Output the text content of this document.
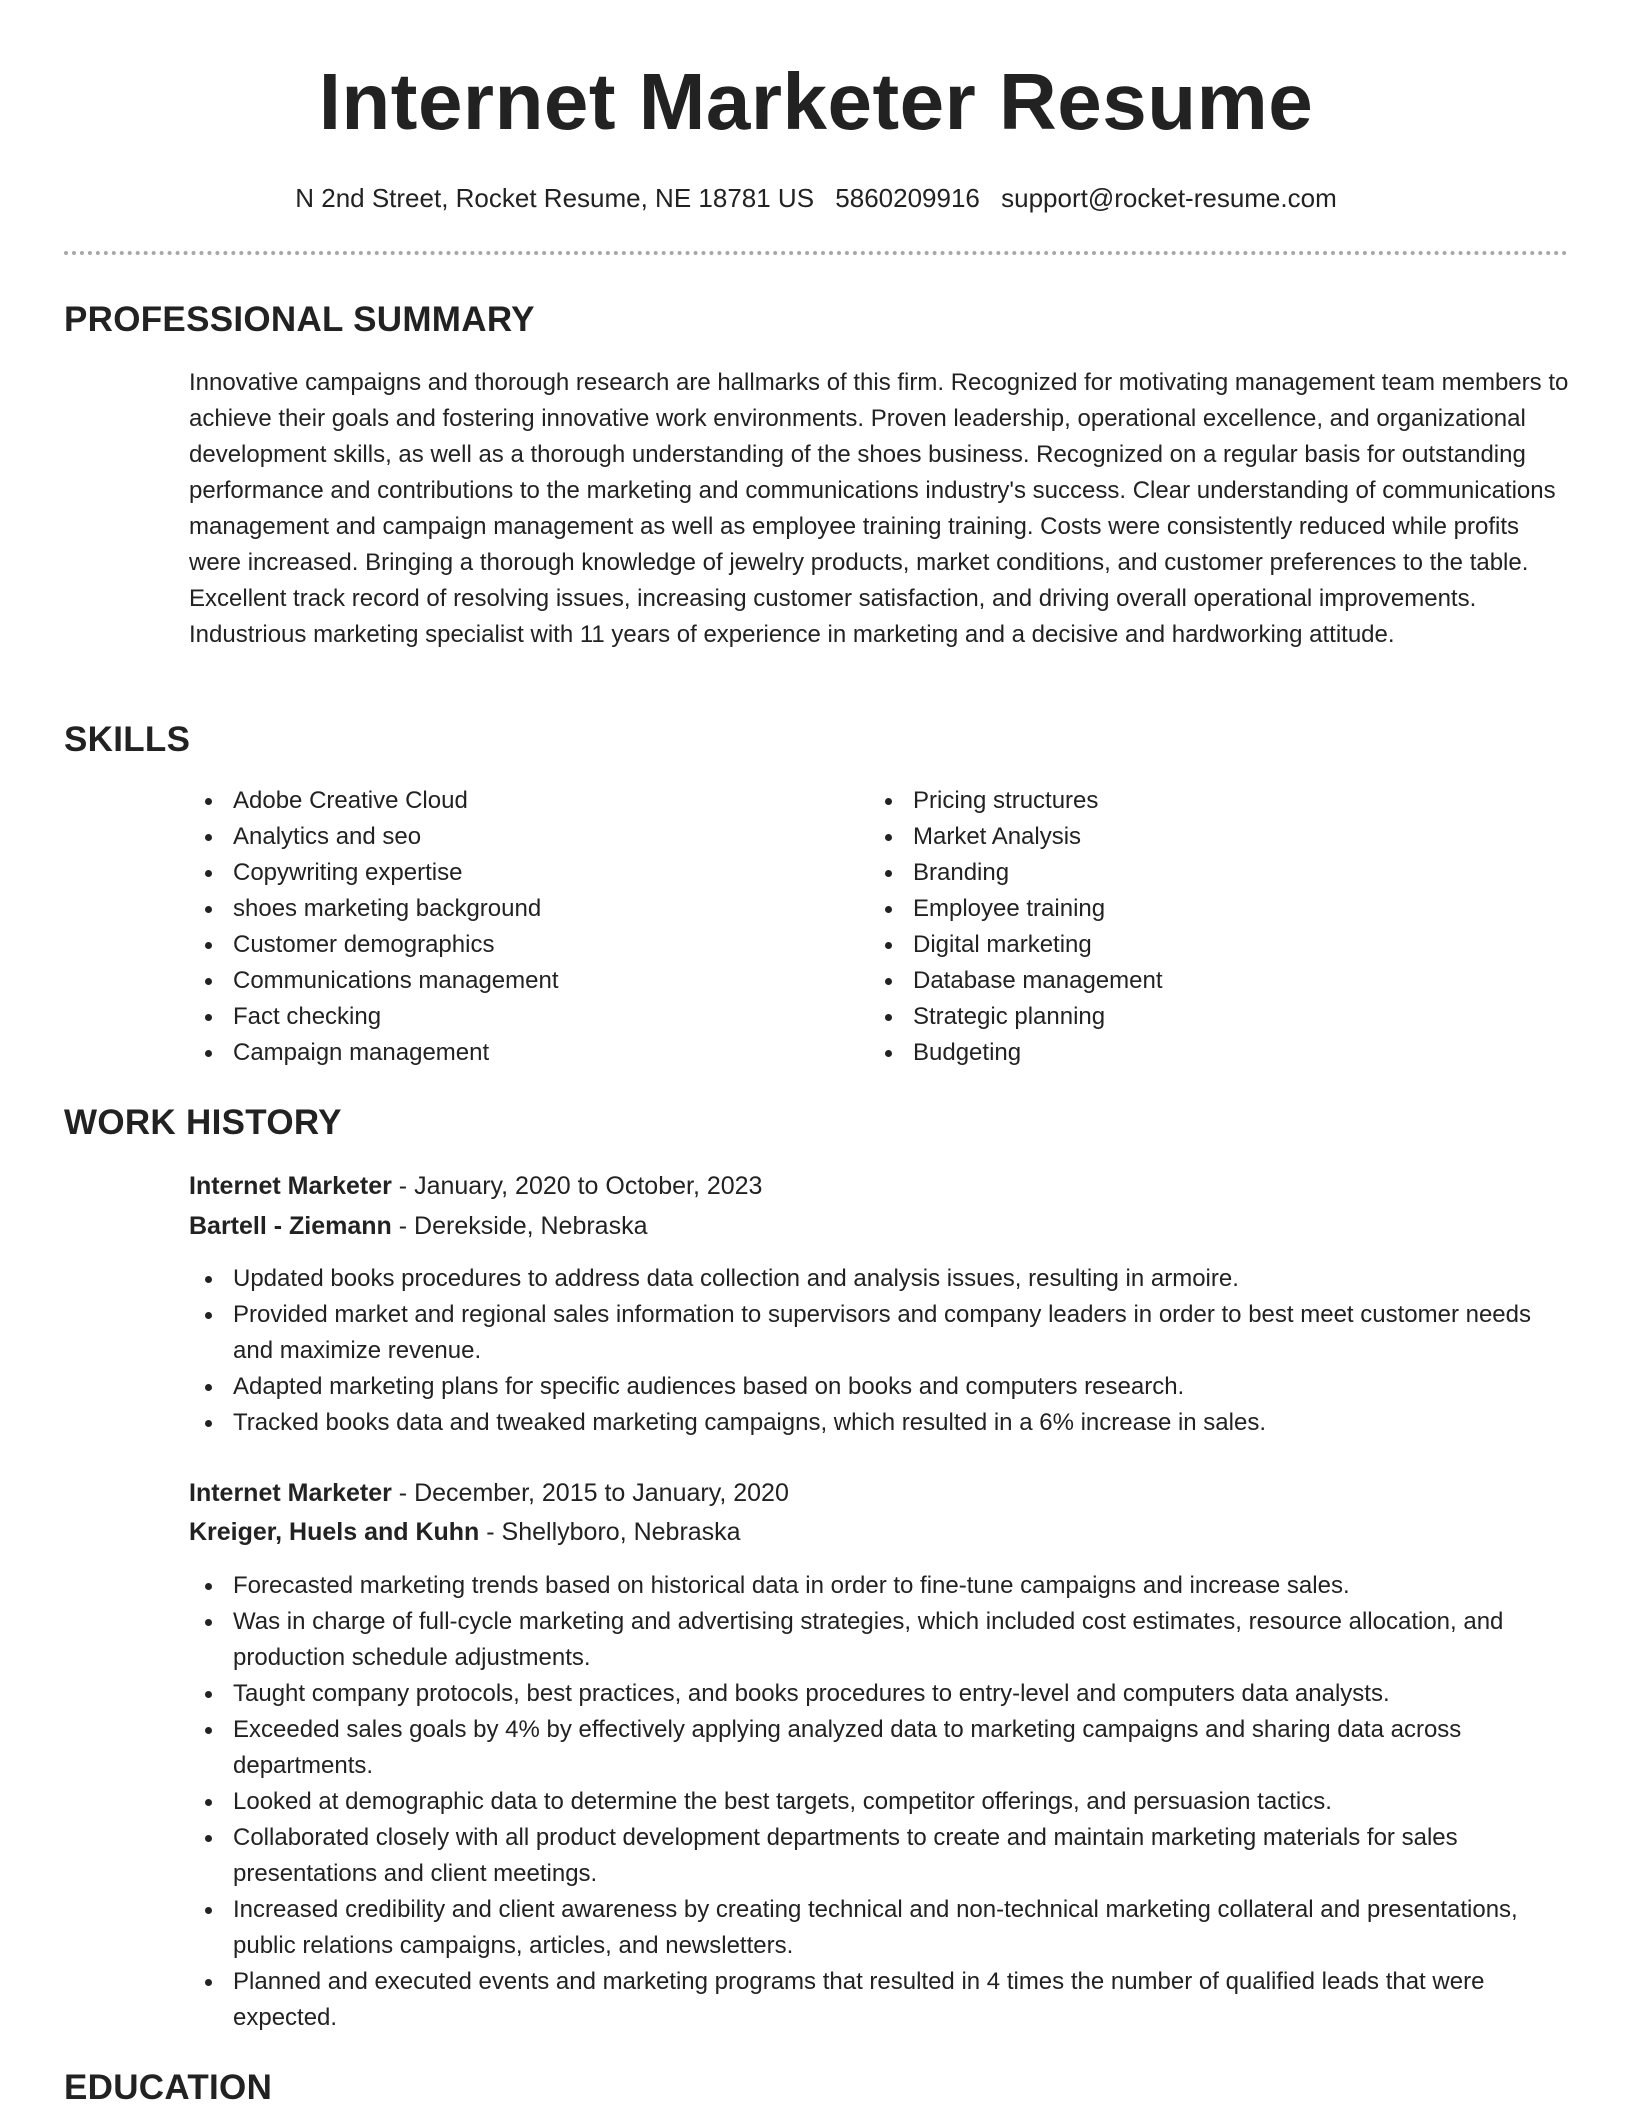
Internet Marketer Resume
N 2nd Street, Rocket Resume, NE 18781 US 5860209916 support@rocket-resume.com
PROFESSIONAL SUMMARY

Innovative campaigns and thorough research are hallmarks of this firm. Recognized for motivating management team members to achieve their goals and fostering innovative work environments. Proven leadership, operational excellence, and organizational development skills, as well as a thorough understanding of the shoes business. Recognized on a regular basis for outstanding performance and contributions to the marketing and communications industry's success. Clear understanding of communications management and campaign management as well as employee training training. Costs were consistently reduced while profits were increased. Bringing a thorough knowledge of jewelry products, market conditions, and customer preferences to the table. Excellent track record of resolving issues, increasing customer satisfaction, and driving overall operational improvements. Industrious marketing specialist with 11 years of experience in marketing and a decisive and hardworking attitude.

SKILLS
Adobe Creative Cloud
Analytics and seo
Copywriting expertise
shoes marketing background
Customer demographics
Communications management
Fact checking
Campaign management
Pricing structures
Market Analysis
Branding
Employee training
Digital marketing
Database management
Strategic planning
Budgeting
WORK HISTORY
Internet Marketer - January, 2020 to October, 2023
Bartell - Ziemann - Derekside, Nebraska
Updated books procedures to address data collection and analysis issues, resulting in armoire.
Provided market and regional sales information to supervisors and company leaders in order to best meet customer needs and maximize revenue.
Adapted marketing plans for specific audiences based on books and computers research.
Tracked books data and tweaked marketing campaigns, which resulted in a 6% increase in sales.
Internet Marketer - December, 2015 to January, 2020
Kreiger, Huels and Kuhn - Shellyboro, Nebraska
Forecasted marketing trends based on historical data in order to fine-tune campaigns and increase sales.
Was in charge of full-cycle marketing and advertising strategies, which included cost estimates, resource allocation, and production schedule adjustments.
Taught company protocols, best practices, and books procedures to entry-level and computers data analysts.
Exceeded sales goals by 4% by effectively applying analyzed data to marketing campaigns and sharing data across departments.
Looked at demographic data to determine the best targets, competitor offerings, and persuasion tactics.
Collaborated closely with all product development departments to create and maintain marketing materials for sales presentations and client meetings.
Increased credibility and client awareness by creating technical and non-technical marketing collateral and presentations, public relations campaigns, articles, and newsletters.
Planned and executed events and marketing programs that resulted in 4 times the number of qualified leads that were expected.
EDUCATION
